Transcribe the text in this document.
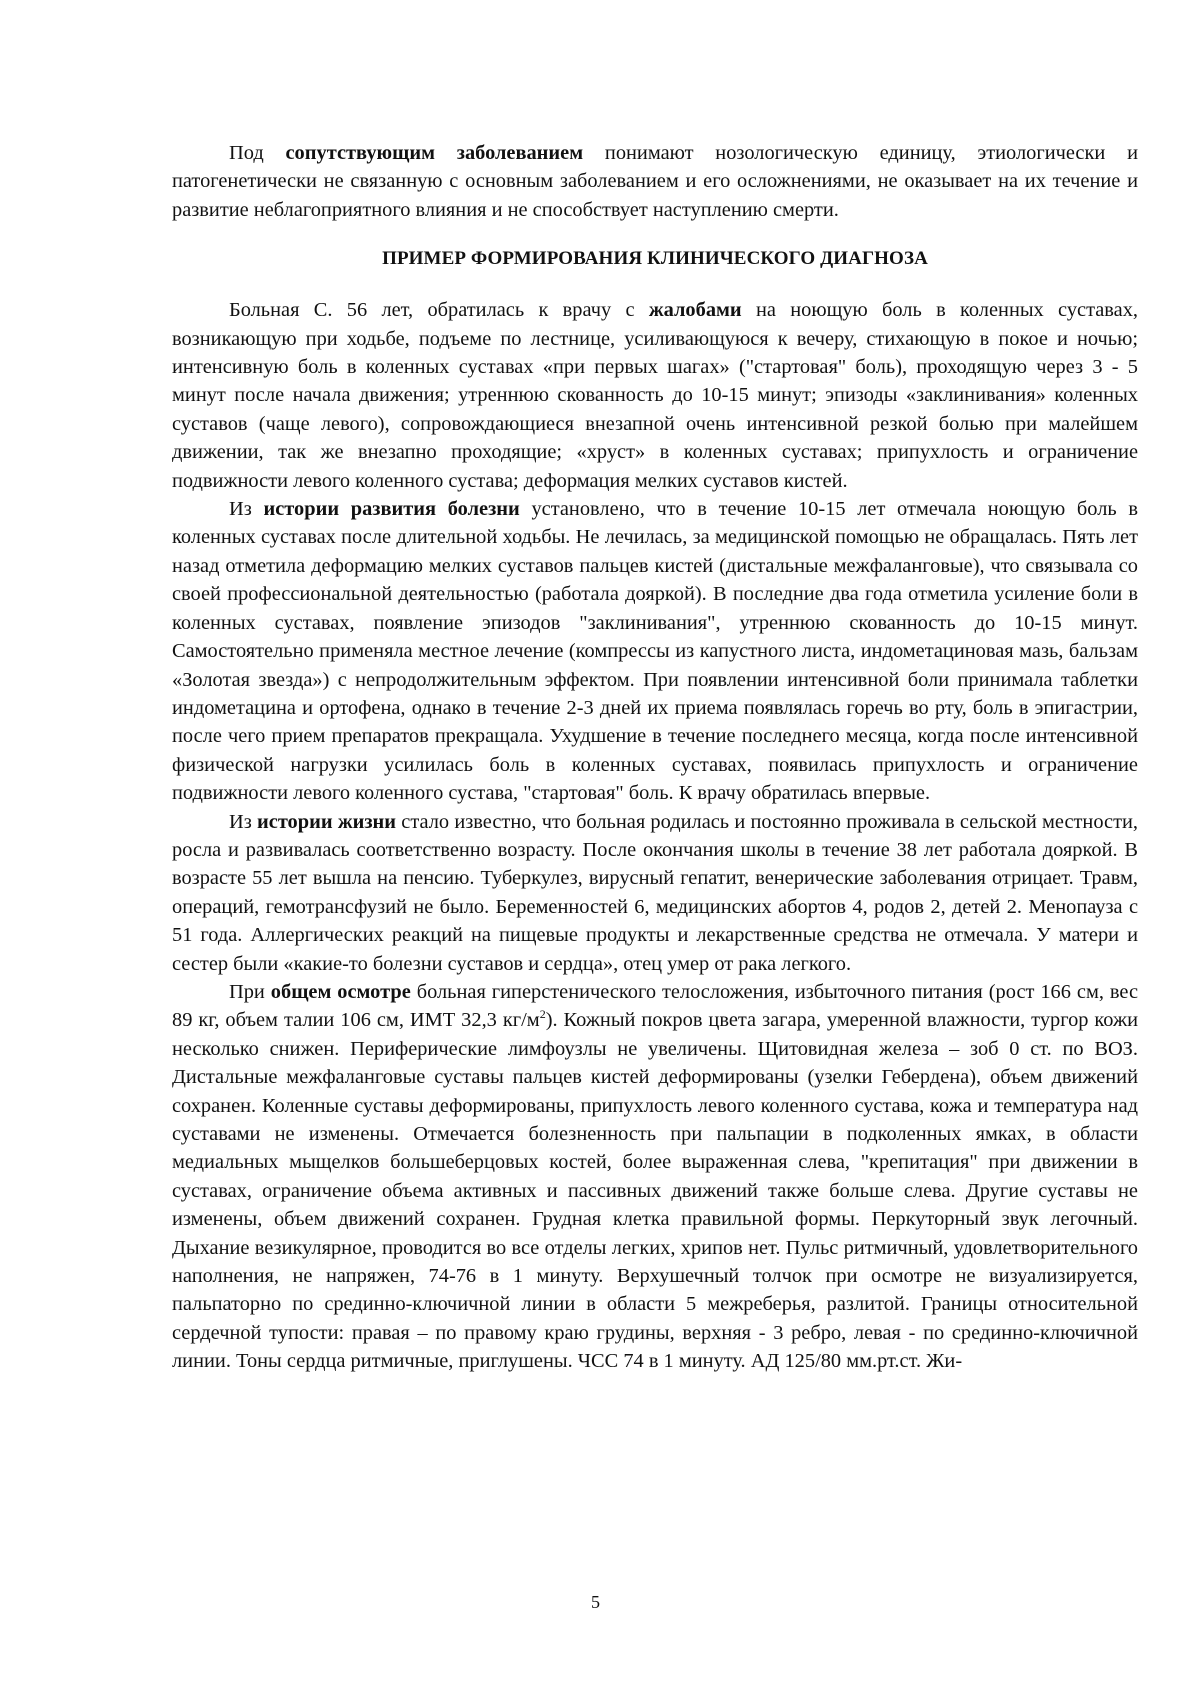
Под сопутствующим заболеванием понимают нозологическую единицу, этиологически и патогенетически не связанную с основным заболеванием и его осложнениями, не оказывает на их течение и развитие неблагоприятного влияния и не способствует наступлению смерти.

ПРИМЕР ФОРМИРОВАНИЯ КЛИНИЧЕСКОГО ДИАГНОЗА

Больная С. 56 лет, обратилась к врачу с жалобами на ноющую боль в коленных суставах, возникающую при ходьбе, подъеме по лестнице, усиливающуюся к вечеру, стихающую в покое и ночью; интенсивную боль в коленных суставах «при первых шагах» ("стартовая" боль), проходящую через 3 - 5 минут после начала движения; утреннюю скованность до 10-15 минут; эпизоды «заклинивания» коленных суставов (чаще левого), сопровождающиеся внезапной очень интенсивной резкой болью при малейшем движении, так же внезапно проходящие; «хруст» в коленных суставах; припухлость и ограничение подвижности левого коленного сустава; деформация мелких суставов кистей.

Из истории развития болезни установлено, что в течение 10-15 лет отмечала ноющую боль в коленных суставах после длительной ходьбы. Не лечилась, за медицинской помощью не обращалась. Пять лет назад отметила деформацию мелких суставов пальцев кистей (дистальные межфаланговые), что связывала со своей профессиональной деятельностью (работала дояркой). В последние два года отметила усиление боли в коленных суставах, появление эпизодов "заклинивания", утреннюю скованность до 10-15 минут. Самостоятельно применяла местное лечение (компрессы из капустного листа, индометациновая мазь, бальзам «Золотая звезда») с непродолжительным эффектом. При появлении интенсивной боли принимала таблетки индометацина и ортофена, однако в течение 2-3 дней их приема появлялась горечь во рту, боль в эпигастрии, после чего прием препаратов прекращала. Ухудшение в течение последнего месяца, когда после интенсивной физической нагрузки усилилась боль в коленных суставах, появилась припухлость и ограничение подвижности левого коленного сустава, "стартовая" боль. К врачу обратилась впервые.

Из истории жизни стало известно, что больная родилась и постоянно проживала в сельской местности, росла и развивалась соответственно возрасту. После окончания школы в течение 38 лет работала дояркой. В возрасте 55 лет вышла на пенсию. Туберкулез, вирусный гепатит, венерические заболевания отрицает. Травм, операций, гемотрансфузий не было. Беременностей 6, медицинских абортов 4, родов 2, детей 2. Менопауза с 51 года. Аллергических реакций на пищевые продукты и лекарственные средства не отмечала. У матери и сестер были «какие-то болезни суставов и сердца», отец умер от рака легкого.

При общем осмотре больная гиперстенического телосложения, избыточного питания (рост 166 см, вес 89 кг, объем талии 106 см, ИМТ 32,3 $кг/м^2$). Кожный покров цвета загара, умеренной влажности, тургор кожи несколько снижен. Периферические лимфоузлы не увеличены. Щитовидная железа – зоб 0 ст. по ВОЗ. Дистальные межфаланговые суставы пальцев кистей деформированы (узелки Гебердена), объем движений сохранен. Коленные суставы деформированы, припухлость левого коленного сустава, кожа и температура над суставами не изменены. Отмечается болезненность при пальпации в подколенных ямках, в области медиальных мыщелков большеберцовых костей, более выраженная слева, "крепитация" при движении в суставах, ограничение объема активных и пассивных движений также больше слева. Другие суставы не изменены, объем движений сохранен. Грудная клетка правильной формы. Перкуторный звук легочный. Дыхание везикулярное, проводится во все отделы легких, хрипов нет. Пульс ритмичный, удовлетворительного наполнения, не напряжен, 74-76 в 1 минуту. Верхушечный толчок при осмотре не визуализируется, пальпаторно по срединно-ключичной линии в области 5 межреберья, разлитой. Границы относительной сердечной тупости: правая – по правому краю грудины, верхняя - 3 ребро, левая - по срединно-ключичной линии. Тоны сердца ритмичные, приглушены. ЧСС 74 в 1 минуту. АД 125/80 мм.рт.ст. Жи-

5
